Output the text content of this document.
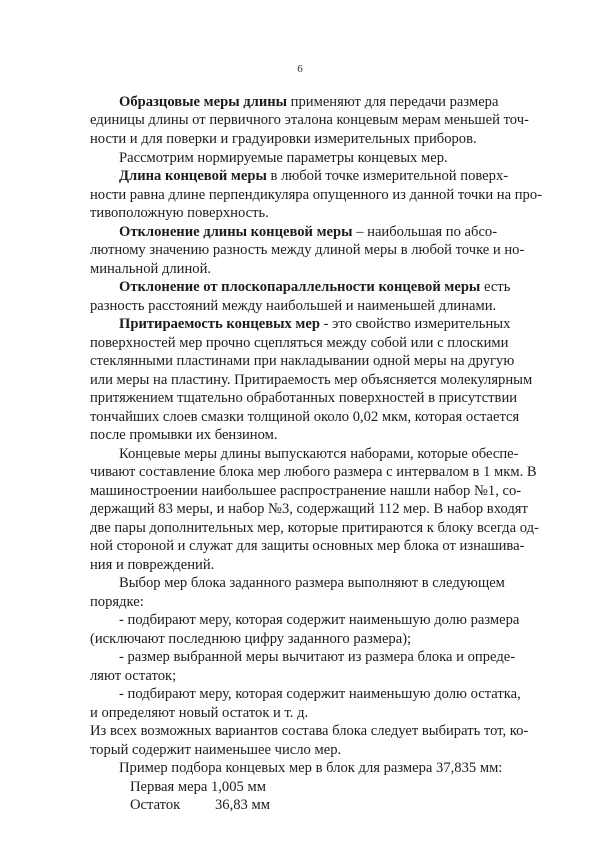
6
Образцовые меры длины применяют для передачи размера
единицы длины от первичного эталона концевым мерам меньшей точ-
ности и для поверки и градуировки измерительных приборов.
Рассмотрим нормируемые параметры концевых мер.
Длина концевой меры в любой точке измерительной поверх-
ности равна длине перпендикуляра опущенного из данной точки на про-
тивоположную поверхность.
Отклонение длины концевой меры – наибольшая по абсо-
лютному значению разность между длиной меры в любой точке и но-
минальной длиной.
Отклонение от плоскопараллельности концевой меры есть
разность расстояний между наибольшей и наименьшей длинами.
Притираемость концевых мер - это свойство измерительных
поверхностей мер прочно сцепляться между собой или с плоскими
стеклянными пластинами при накладывании одной меры на другую
или меры на пластину. Притираемость мер объясняется молекулярным
притяжением тщательно обработанных поверхностей в присутствии
тончайших слоев смазки толщиной около 0,02 мкм, которая остается
после промывки их бензином.
Концевые меры длины выпускаются наборами, которые обеспе-
чивают составление блока мер любого размера с интервалом в 1 мкм. В
машиностроении наибольшее распространение нашли набор №1, со-
держащий 83 меры, и набор №3, содержащий 112 мер. В набор входят
две пары дополнительных мер, которые притираются к блоку всегда од-
ной стороной и служат для защиты основных мер блока от изнашива-
ния и повреждений.
Выбор мер блока заданного размера выполняют в следующем
порядке:
- подбирают меру, которая содержит наименьшую долю размера
(исключают последнюю цифру заданного размера);
- размер выбранной меры вычитают из размера блока и опреде-
ляют остаток;
- подбирают меру, которая содержит наименьшую долю остатка,
и определяют новый остаток и т. д.
Из всех возможных вариантов состава блока следует выбирать тот, ко-
торый содержит наименьшее число мер.
Пример подбора концевых мер в блок для размера 37,835 мм:
Первая мера 1,005 мм
Остаток 36,83 мм
